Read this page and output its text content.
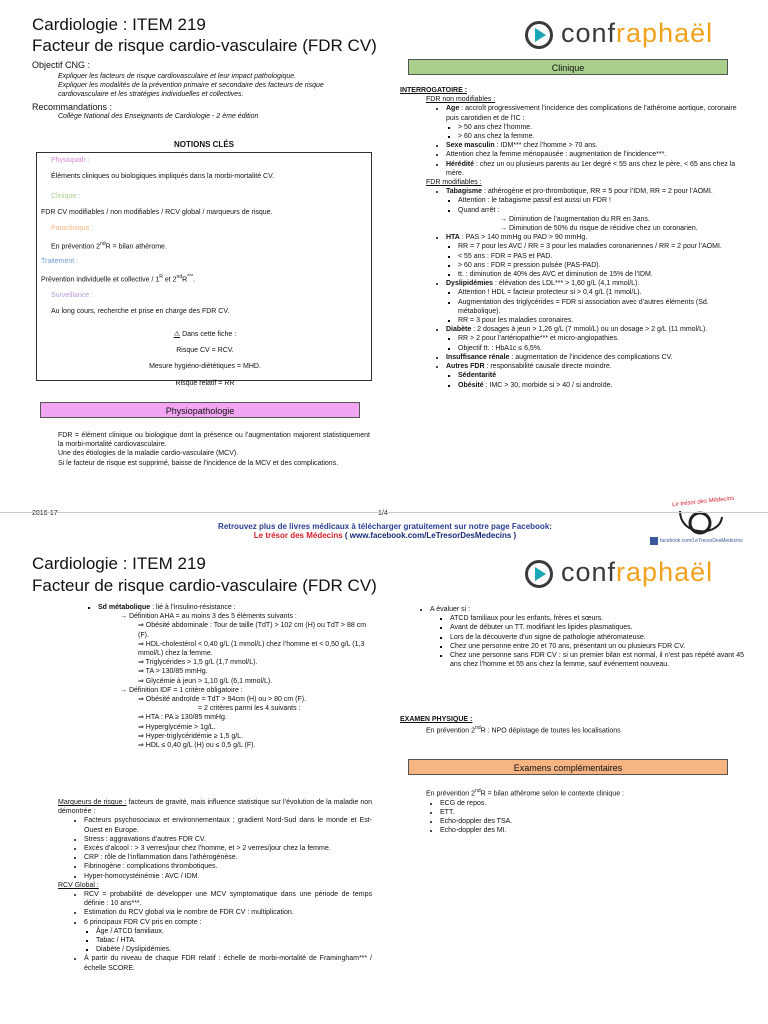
Cardiologie : ITEM 219
Facteur de risque cardio-vasculaire (FDR CV)	confraphaël

Objectif CNG :

Expliquer les facteurs de risque cardiovasculaire et leur impact pathologique.

Expliquer les modalités de la prévention primaire et secondaire des facteurs de risque cardiovasculaire et les stratégies individuelles et collectives.

Recommandations :

Collège National des Enseignants de Cardiologie - 2 ème édition

NOTIONS CLÉS

Physiopath :

Éléments cliniques ou biologiques impliqués dans la morbi-mortalité CV.

Clinique :

FDR CV modifiables / non modifiables / RCV global / marqueurs de risque.

Paraclinique :

En prévention 2ndR = bilan athérome.

Traitement :

Prévention individuelle et collective / $1^R$ et 2ndR***.

Surveillance :

Au long cours, recherche et prise en charge des FDR CV.

⚠ Dans cette fiche :

Risque CV = RCV.

Mesure hygiéno-diététiques = MHD.

Risque relatif = RR

Physiopathologie

FDR = élément clinique ou biologique dont la présence ou l’augmentation majorent statistiquement la morbi-mortalité cardiovasculaire.

Une des étiologies de la maladie cardio-vasculaire (MCV).

Si le facteur de risque est supprimé, baisse de l’incidence de la MCV et des complications.

Clinique

INTERROGATOIRE :

FDR non modifiables :

• Age : accroît progressivement l’incidence des complications de l’athérome aortique, coronaire puis carotidien et de l’IC :
▪ > 50 ans chez l’homme.
▪ > 60 ans chez la femme.
• Sexe masculin : IDM*** chez l’homme > 70 ans.
• Attention chez la femme ménopausée : augmentation de l’incidence***.
• Hérédité : chez un ou plusieurs parents au 1er degré < 55 ans chez le père, < 65 ans chez la mère.

FDR modifiables :

• Tabagisme : athérogène et pro-thrombotique, RR = 5 pour l’IDM, RR = 2 pour l’AOMI.
▪ Attention : le tabagisme passif est aussi un FDR !
▪ Quand arrêt :

→ Diminution de l’augmentation du RR en 3ans.

→ Diminution de 50% du risque de récidive chez un coronarien.

• HTA : PAS > 140 mmHg ou PAD > 90 mmHg.
▪ RR = 7 pour les AVC / RR = 3 pour les maladies coronariennes / RR = 2 pour l’AOMI.
▪ < 55 ans : FDR = PAS et PAD.
▪ > 60 ans : FDR = pression pulsée (PAS-PAD).
▪ tt. : diminution de 40% des AVC et diminution de 15% de l’IDM.
• Dyslipidémies : élévation des LDL*** > 1,60 g/L (4,1 mmol/L).
▪ Attention ! HDL = facteur protecteur si > 0,4 g/L (1 mmol/L).
▪ Augmentation des triglycérides = FDR si association avec d’autres éléments (Sd. métabolique).
▪ RR = 3 pour les maladies coronaires.
• Diabète : 2 dosages à jeun > 1,26 g/L (7 mmol/L) ou un dosage > 2 g/L (11 mmol/L).
▪ RR > 2 pour l’artériopathie*** et micro-angiopathies.
▪ Objectif tt. : HbA1c ≤ 6,5%.
• Insuffisance rénale : augmentation de l’incidence des complications CV.
• Autres FDR : responsabilité causale directe moindre.
▪ Sédentarité
▪ Obésité : IMC > 30, morbide si > 40 / si androïde.
2016-17	1/4
Retrouvez plus de livres médicaux à télécharger gratuitement sur notre page Facebook:
Le trésor des Médecins ( www.facebook.com/LeTresorDesMedecins )
Le trésor des Médecins
facebook.com/LeTresorDesMedecins
Cardiologie : ITEM 219
Facteur de risque cardio-vasculaire (FDR CV)	confraphaël
▪ Sd métabolique : lié à l’insulino-résistance :

→ Définition AHA = au moins 3 des 5 éléments suivants :

⇒ Obésité abdominale : Tour de taille (TdT) > 102 cm (H) ou TdT > 88 cm (F).

⇒ HDL-cholestérol < 0,40 g/L (1 mmol/L) chez l’homme et < 0,50 g/L (1,3 mmol/L) chez la femme.

⇒ Triglycérides > 1,5 g/L (1,7 mmol/L).

⇒ TA > 130/85 mmHg.

⇒ Glycémie à jeun > 1,10 g/L (6,1 mmol/L).

→ Définition IDF = 1 critère obligatoire :

⇒ Obésité androïde = TdT > 94cm (H) ou > 80 cm (F).

= 2 critères parmi les 4 suivants :

⇒ HTA : PA ≥ 130/85 mmHg.

⇒ Hyperglycémie > 1g/L.

⇒ Hyper-triglycéridémie ≥ 1,5 g/L.

⇒ HDL ≤ 0,40 g/L (H) ou ≤ 0,5 g/L (F).

Marqueurs de risque : facteurs de gravité, mais influence statistique sur l’évolution de la maladie non démontrée :

• Facteurs psychosociaux et environnementaux ; gradient Nord-Sud dans le monde et Est-Ouest en Europe.
• Stress : aggravations d’autres FDR CV.
• Excès d’alcool : > 3 verres/jour chez l’homme, et > 2 verres/jour chez la femme.
• CRP : rôle de l’inflammation dans l’athérogénèse.
• Fibrinogène : complications thrombotiques.
• Hyper-homocystéinémie : AVC / IDM.

RCV Global :

• RCV = probabilité de développer une MCV symptomatique dans une période de temps définie : 10 ans***.
• Estimation du RCV global via le nombre de FDR CV : multiplication.
• 6 principaux FDR CV pris en compte :
▪ Âge / ATCD familiaux.
▪ Tabac / HTA.
▪ Diabète / Dyslipidémies.
• À partir du niveau de chaque FDR relatif : échelle de morbi-mortalité de Framingham*** / échelle SCORE.
• A évaluer si :
▪ ATCD familiaux pour les enfants, frères et sœurs.
▪ Avant de débuter un TT. modifiant les lipides plasmatiques.
▪ Lors de la découverte d’un signe de pathologie athéromateuse.
▪ Chez une personne entre 20 et 70 ans, présentant un ou plusieurs FDR CV.
▪ Chez une personne sans FDR CV : si un premier bilan est normal, il n’est pas répété avant 45 ans chez l’homme et 55 ans chez la femme, sauf événement nouveau.

EXAMEN PHYSIQUE :

En prévention 2ndR : NPO dépistage de toutes les localisations

Examens complémentaires

En prévention 2ndR = bilan athérome selon le contexte clinique :

• ECG de repos.
• ETT.
• Echo-doppler des TSA.
• Echo-doppler des MI.
